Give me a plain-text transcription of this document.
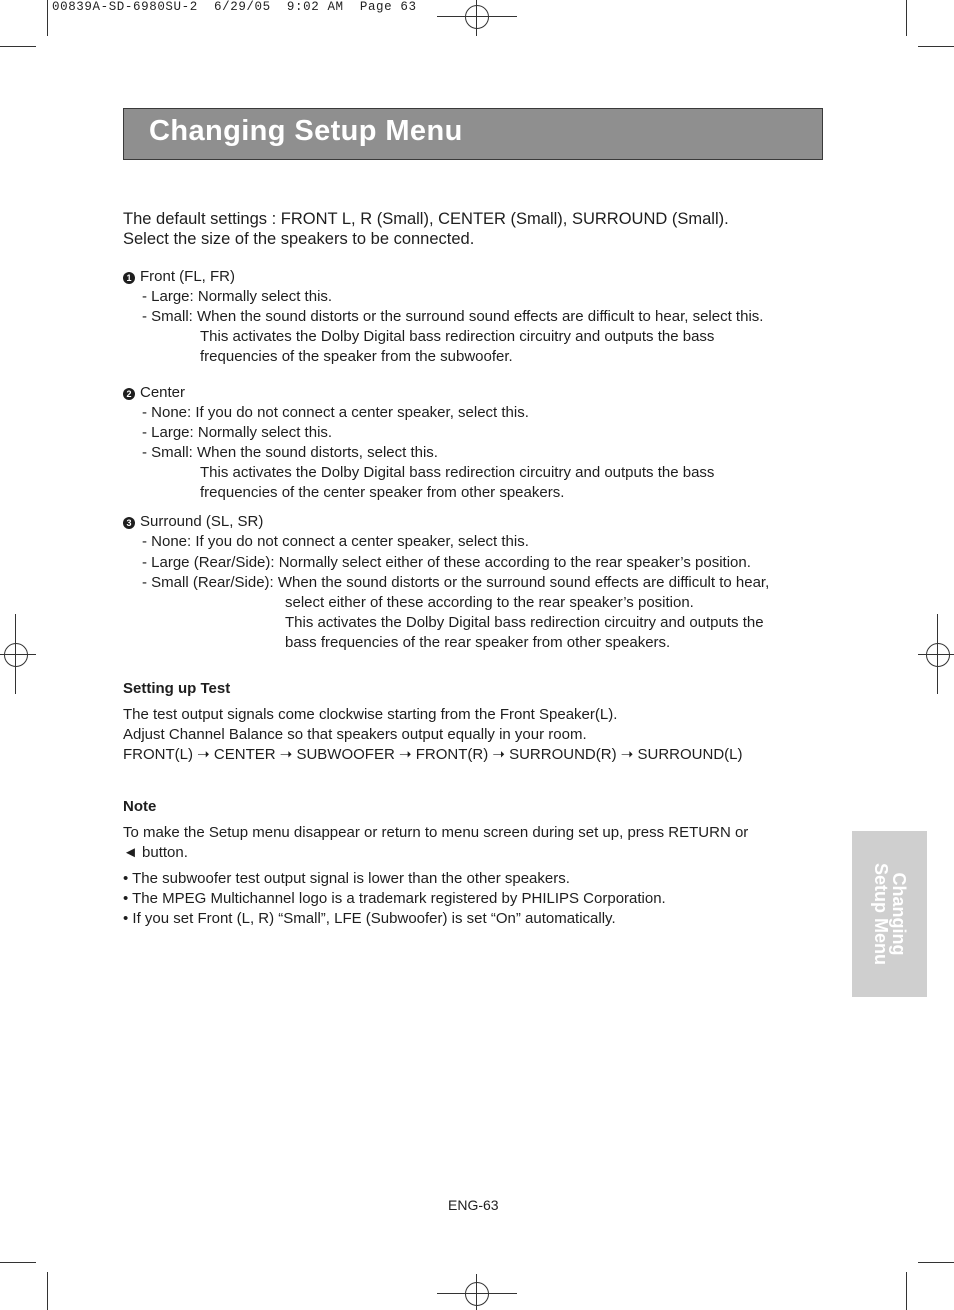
00839A-SD-6980SU-2  6/29/05  9:02 AM  Page 63
Changing Setup Menu
The default settings : FRONT L, R (Small), CENTER (Small), SURROUND (Small).
Select the size of the speakers to be connected.
1 Front (FL, FR)
- Large: Normally select this.
- Small: When the sound distorts or the surround sound effects are difficult to hear, select this.
This activates the Dolby Digital bass redirection circuitry and outputs the bass
frequencies of the speaker from the subwoofer.
2 Center
- None: If you do not connect a center speaker, select this.
- Large: Normally select this.
- Small: When the sound distorts, select this.
This activates the Dolby Digital bass redirection circuitry and outputs the bass
frequencies of the center speaker from other speakers.
3 Surround (SL, SR)
- None: If you do not connect a center speaker, select this.
- Large (Rear/Side): Normally select either of these according to the rear speaker’s position.
- Small (Rear/Side): When the sound distorts or the surround sound effects are difficult to hear,
select either of these according to the rear speaker’s position.
This activates the Dolby Digital bass redirection circuitry and outputs the
bass frequencies of the rear speaker from other speakers.
Setting up Test
The test output signals come clockwise starting from the Front Speaker(L).
Adjust Channel Balance so that speakers output equally in your room.
FRONT(L) ➝ CENTER ➝ SUBWOOFER ➝ FRONT(R) ➝ SURROUND(R) ➝ SURROUND(L)
Note
To make the Setup menu disappear or return to menu screen during set up, press RETURN or
◄ button.
• The subwoofer test output signal is lower than the other speakers.
• The MPEG Multichannel logo is a trademark registered by PHILIPS Corporation.
• If you set Front (L, R) “Small”, LFE (Subwoofer) is set “On” automatically.	Changing
Setup Menu
ENG-63
